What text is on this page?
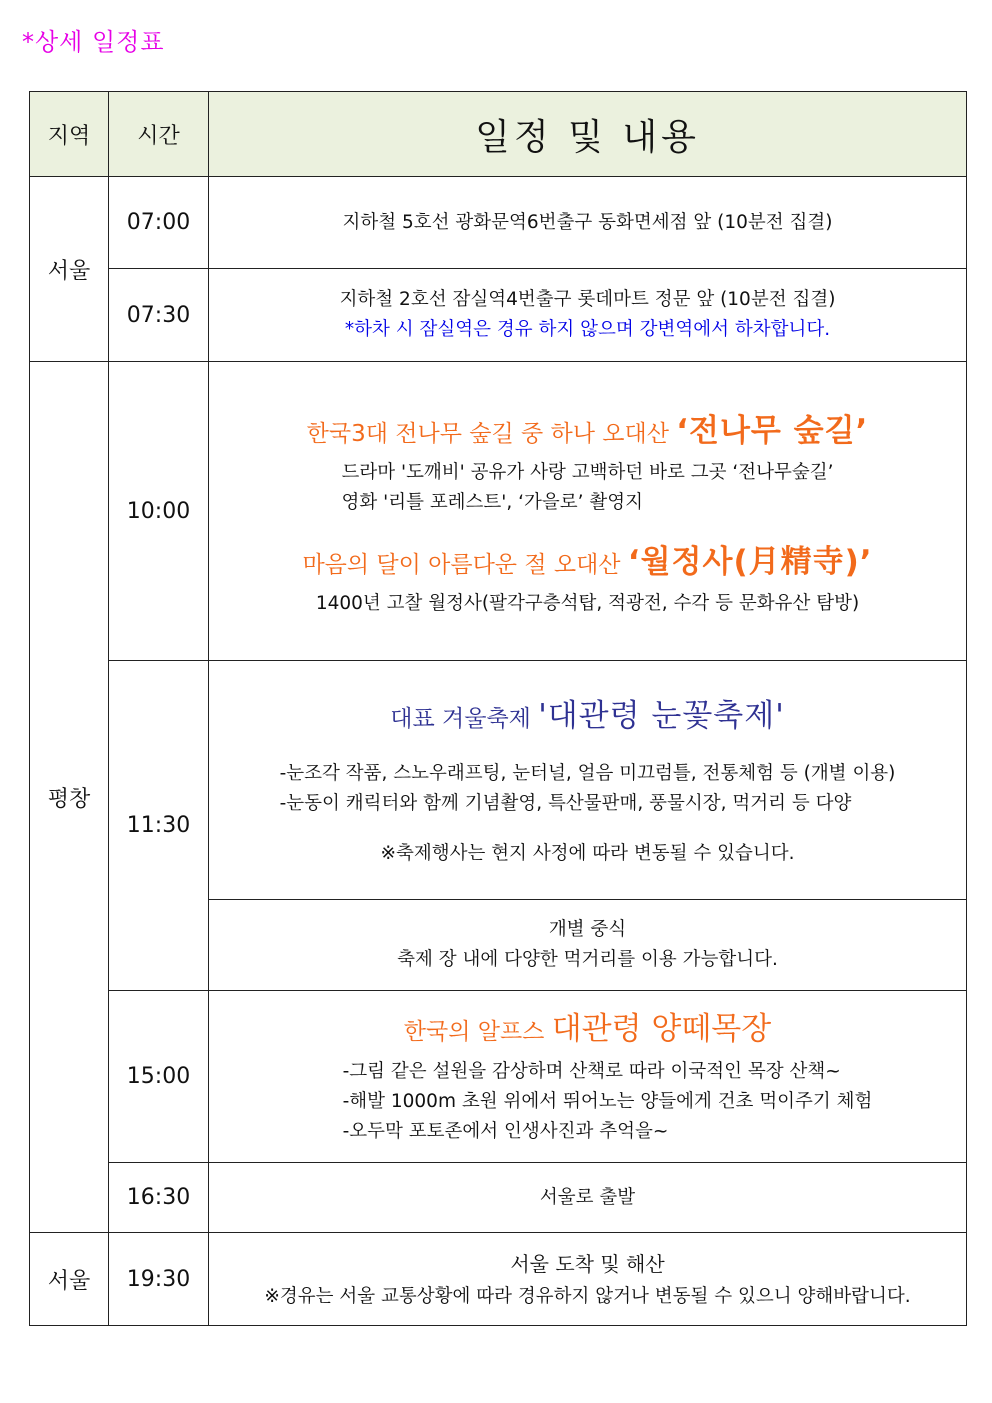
*상세 일정표
지역	시간	일정 및 내용
서울	07:00	지하철 5호선 광화문역6번출구 동화면세점 앞 (10분전 집결)
	07:30	지하철 2호선 잠실역4번출구 롯데마트 정문 앞 (10분전 집결)
*하차 시 잠실역은 경유 하지 않으며 강변역에서 하차합니다.

평창	10:00	한국3대 전나무 숲길 중 하나 오대산 ‘전나무 숲길’
드라마 '도깨비' 공유가 사랑 고백하던 바로 그곳 ‘전나무숲길’
영화 '리틀 포레스트', ‘가을로’ 촬영지
마음의 달이 아름다운 절 오대산 ‘월정사(月精寺)’
1400년 고찰 월정사(팔각구층석탑, 적광전, 수각 등 문화유산 탐방)

	11:30	대표 겨울축제 '대관령 눈꽃축제'
-눈조각 작품, 스노우래프팅, 눈터널, 얼음 미끄럼틀, 전통체험 등 (개별 이용)
-눈동이 캐릭터와 함께 기념촬영, 특산물판매, 풍물시장, 먹거리 등 다양
※축제행사는 현지 사정에 따라 변동될 수 있습니다.

		개별 중식
축제 장 내에 다양한 먹거리를 이용 가능합니다.

	15:00	한국의 알프스 대관령 양떼목장
-그림 같은 설원을 감상하며 산책로 따라 이국적인 목장 산책~
-해발 1000m 초원 위에서 뛰어노는 양들에게 건초 먹이주기 체험
-오두막 포토존에서 인생사진과 추억을~

	16:30	서울로 출발
서울	19:30	서울 도착 및 해산
※경유는 서울 교통상황에 따라 경유하지 않거나 변동될 수 있으니 양해바랍니다.
